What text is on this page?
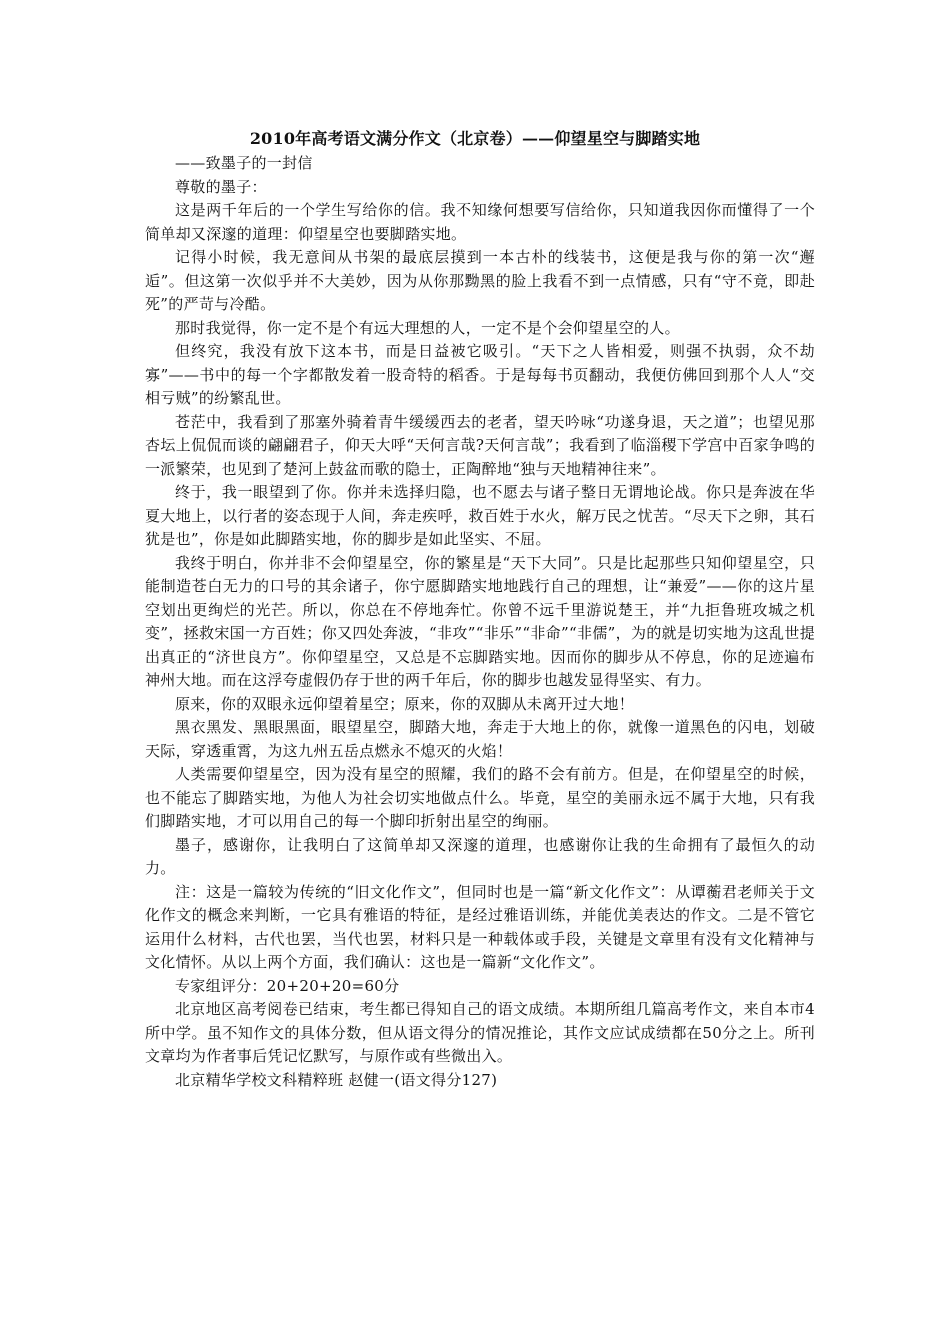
2010年高考语文满分作文（北京卷）——仰望星空与脚踏实地

——致墨子的一封信

尊敬的墨子：

这是两千年后的一个学生写给你的信。我不知缘何想要写信给你，只知道我因你而懂得了一个简单却又深邃的道理：仰望星空也要脚踏实地。

记得小时候，我无意间从书架的最底层摸到一本古朴的线装书，这便是我与你的第一次“邂逅”。但这第一次似乎并不大美妙，因为从你那黝黑的脸上我看不到一点情感，只有“守不竟，即赴死”的严苛与冷酷。

那时我觉得，你一定不是个有远大理想的人，一定不是个会仰望星空的人。

但终究，我没有放下这本书，而是日益被它吸引。“天下之人皆相爱，则强不执弱，众不劫寡”——书中的每一个字都散发着一股奇特的稻香。于是每每书页翻动，我便仿佛回到那个人人“交相亏贼”的纷繁乱世。

苍茫中，我看到了那塞外骑着青牛缓缓西去的老者，望天吟咏“功遂身退，天之道”；也望见那杏坛上侃侃而谈的翩翩君子，仰天大呼“天何言哉?天何言哉”；我看到了临淄稷下学宫中百家争鸣的一派繁荣，也见到了楚河上鼓盆而歌的隐士，正陶醉地“独与天地精神往来”。

终于，我一眼望到了你。你并未选择归隐，也不愿去与诸子整日无谓地论战。你只是奔波在华夏大地上，以行者的姿态现于人间，奔走疾呼，救百姓于水火，解万民之忧苦。“尽天下之卵，其石犹是也”，你是如此脚踏实地，你的脚步是如此坚实、不屈。

我终于明白，你并非不会仰望星空，你的繁星是“天下大同”。只是比起那些只知仰望星空，只能制造苍白无力的口号的其余诸子，你宁愿脚踏实地地践行自己的理想，让“兼爱”——你的这片星空划出更绚烂的光芒。所以，你总在不停地奔忙。你曾不远千里游说楚王，并“九拒鲁班攻城之机变”，拯救宋国一方百姓；你又四处奔波，“非攻”“非乐”“非命”“非儒”，为的就是切实地为这乱世提出真正的“济世良方”。你仰望星空，又总是不忘脚踏实地。因而你的脚步从不停息，你的足迹遍布神州大地。而在这浮夸虚假仍存于世的两千年后，你的脚步也越发显得坚实、有力。

原来，你的双眼永远仰望着星空；原来，你的双脚从未离开过大地！

黑衣黑发、黑眼黑面，眼望星空，脚踏大地，奔走于大地上的你，就像一道黑色的闪电，划破天际，穿透重霄，为这九州五岳点燃永不熄灭的火焰！

人类需要仰望星空，因为没有星空的照耀，我们的路不会有前方。但是，在仰望星空的时候，也不能忘了脚踏实地，为他人为社会切实地做点什么。毕竟，星空的美丽永远不属于大地，只有我们脚踏实地，才可以用自己的每一个脚印折射出星空的绚丽。

墨子，感谢你，让我明白了这简单却又深邃的道理，也感谢你让我的生命拥有了最恒久的动力。

注：这是一篇较为传统的“旧文化作文”，但同时也是一篇“新文化作文”：从谭蘅君老师关于文化作文的概念来判断，一它具有雅语的特征，是经过雅语训练，并能优美表达的作文。二是不管它运用什么材料，古代也罢，当代也罢，材料只是一种载体或手段，关键是文章里有没有文化精神与文化情怀。从以上两个方面，我们确认：这也是一篇新“文化作文”。

专家组评分：20+20+20=60分

北京地区高考阅卷已结束，考生都已得知自己的语文成绩。本期所组几篇高考作文，来自本市4所中学。虽不知作文的具体分数，但从语文得分的情况推论，其作文应试成绩都在50分之上。所刊文章均为作者事后凭记忆默写，与原作或有些微出入。

北京精华学校文科精粹班 赵健一(语文得分127)
